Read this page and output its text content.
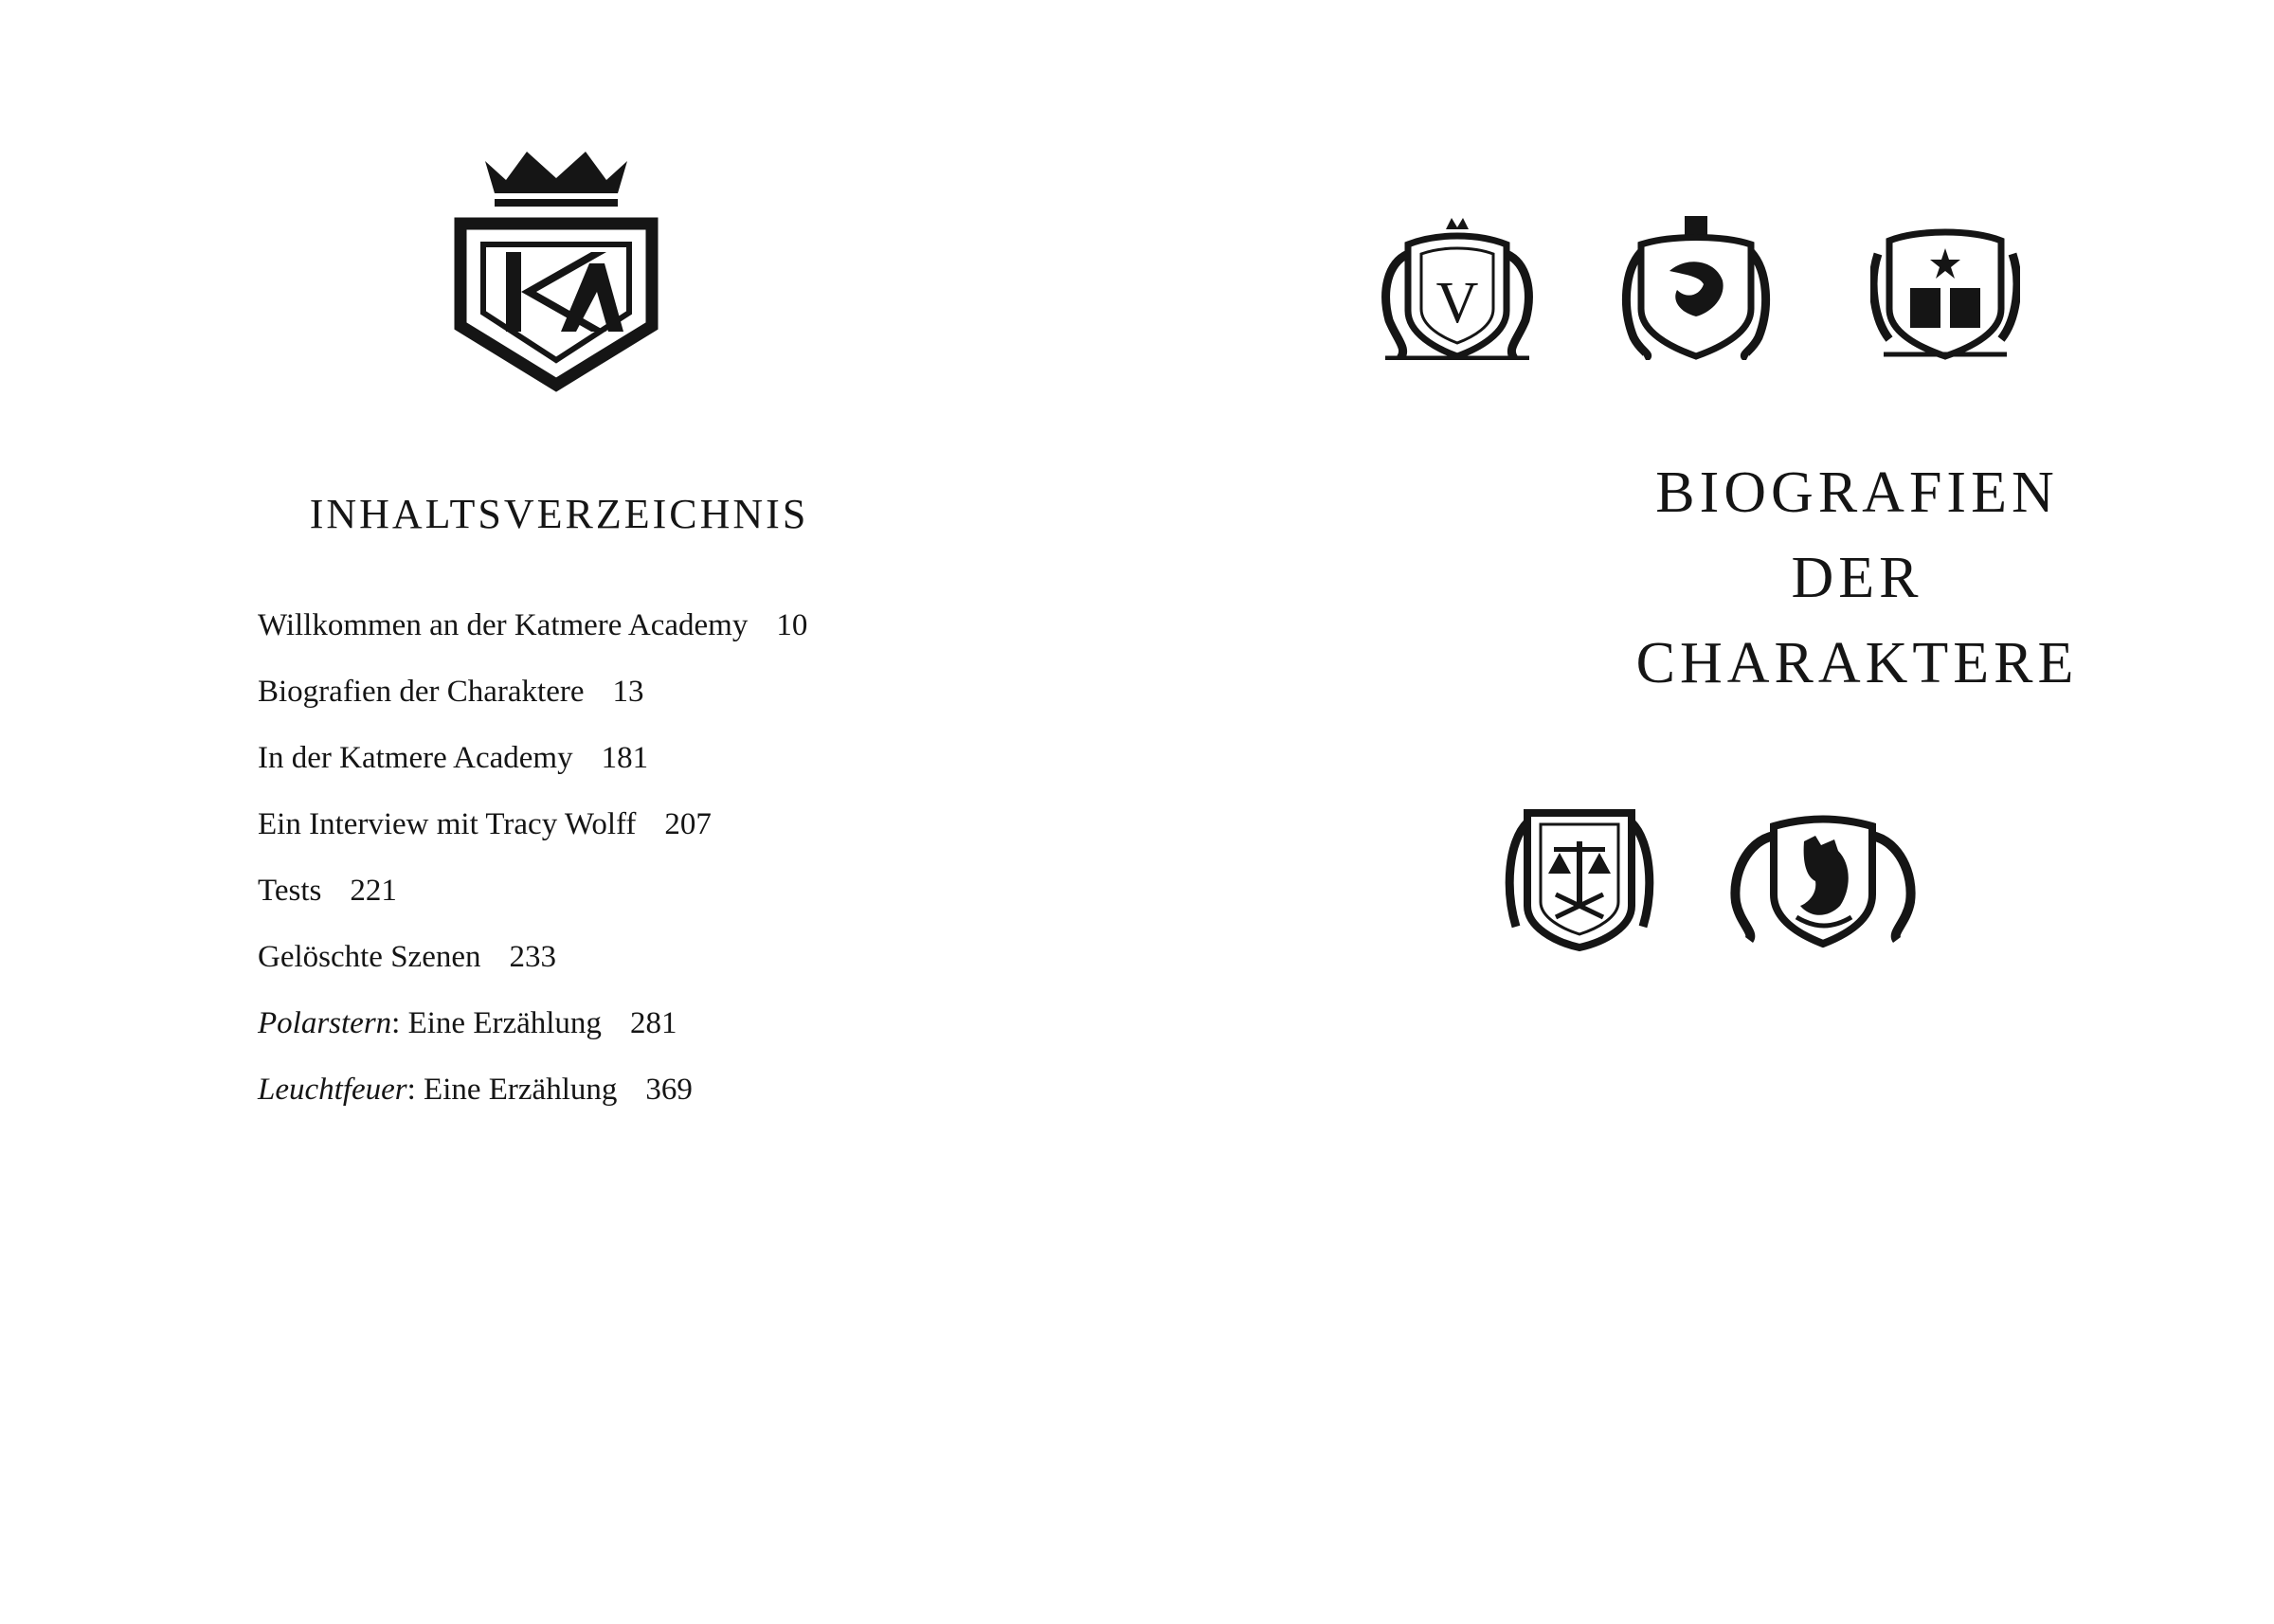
INHALTSVERZEICHNIS
Willkommen an der Katmere Academy 10
Biografien der Charaktere 13
In der Katmere Academy 181
Ein Interview mit Tracy Wolff 207
Tests 221
Gelöschte Szenen 233
Polarstern: Eine Erzählung 281
Leuchtfeuer: Eine Erzählung 369
V
BIOGRAFIEN
DER
CHARAKTERE
